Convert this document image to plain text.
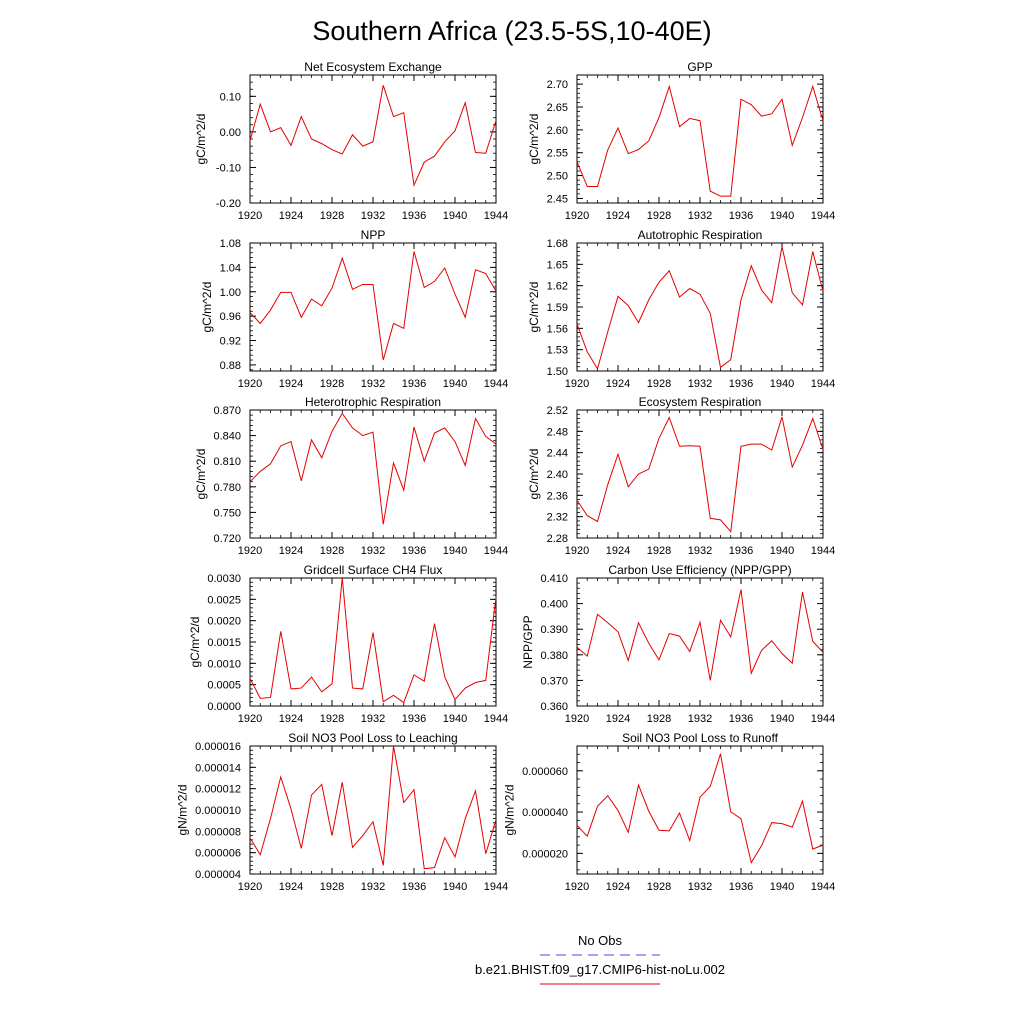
Southern Africa (23.5-5S,10-40E)
1920 1924 1928 1932 1936 1940 1944
-0.20
-0.10
0.00
0.10
Net Ecosystem Exchange
gC/m^2/d
1920 1924 1928 1932 1936 1940 1944
2.45
2.50
2.55
2.60
2.65
2.70
GPP
gC/m^2/d
1920 1924 1928 1932 1936 1940 1944
0.88
0.92
0.96
1.00
1.04
1.08
NPP
gC/m^2/d
1920 1924 1928 1932 1936 1940 1944
1.50
1.53
1.56
1.59
1.62
1.65
1.68
Autotrophic Respiration
gC/m^2/d
1920 1924 1928 1932 1936 1940 1944
0.720
0.750
0.780
0.810
0.840
0.870
Heterotrophic Respiration
gC/m^2/d
1920 1924 1928 1932 1936 1940 1944
2.28
2.32
2.36
2.40
2.44
2.48
2.52
Ecosystem Respiration
gC/m^2/d
1920 1924 1928 1932 1936 1940 1944
0.0000
0.0005
0.0010
0.0015
0.0020
0.0025
0.0030
Gridcell Surface CH4 Flux
gC/m^2/d
1920 1924 1928 1932 1936 1940 1944
0.360
0.370
0.380
0.390
0.400
0.410
Carbon Use Efficiency (NPP/GPP)
NPP/GPP
1920 1924 1928 1932 1936 1940 1944
0.000004
0.000006
0.000008
0.000010
0.000012
0.000014
0.000016
Soil NO3 Pool Loss to Leaching
gN/m^2/d
1920 1924 1928 1932 1936 1940 1944
0.000020
0.000040
0.000060
Soil NO3 Pool Loss to Runoff
gN/m^2/d
No Obs
b.e21.BHIST.f09_g17.CMIP6-hist-noLu.002
